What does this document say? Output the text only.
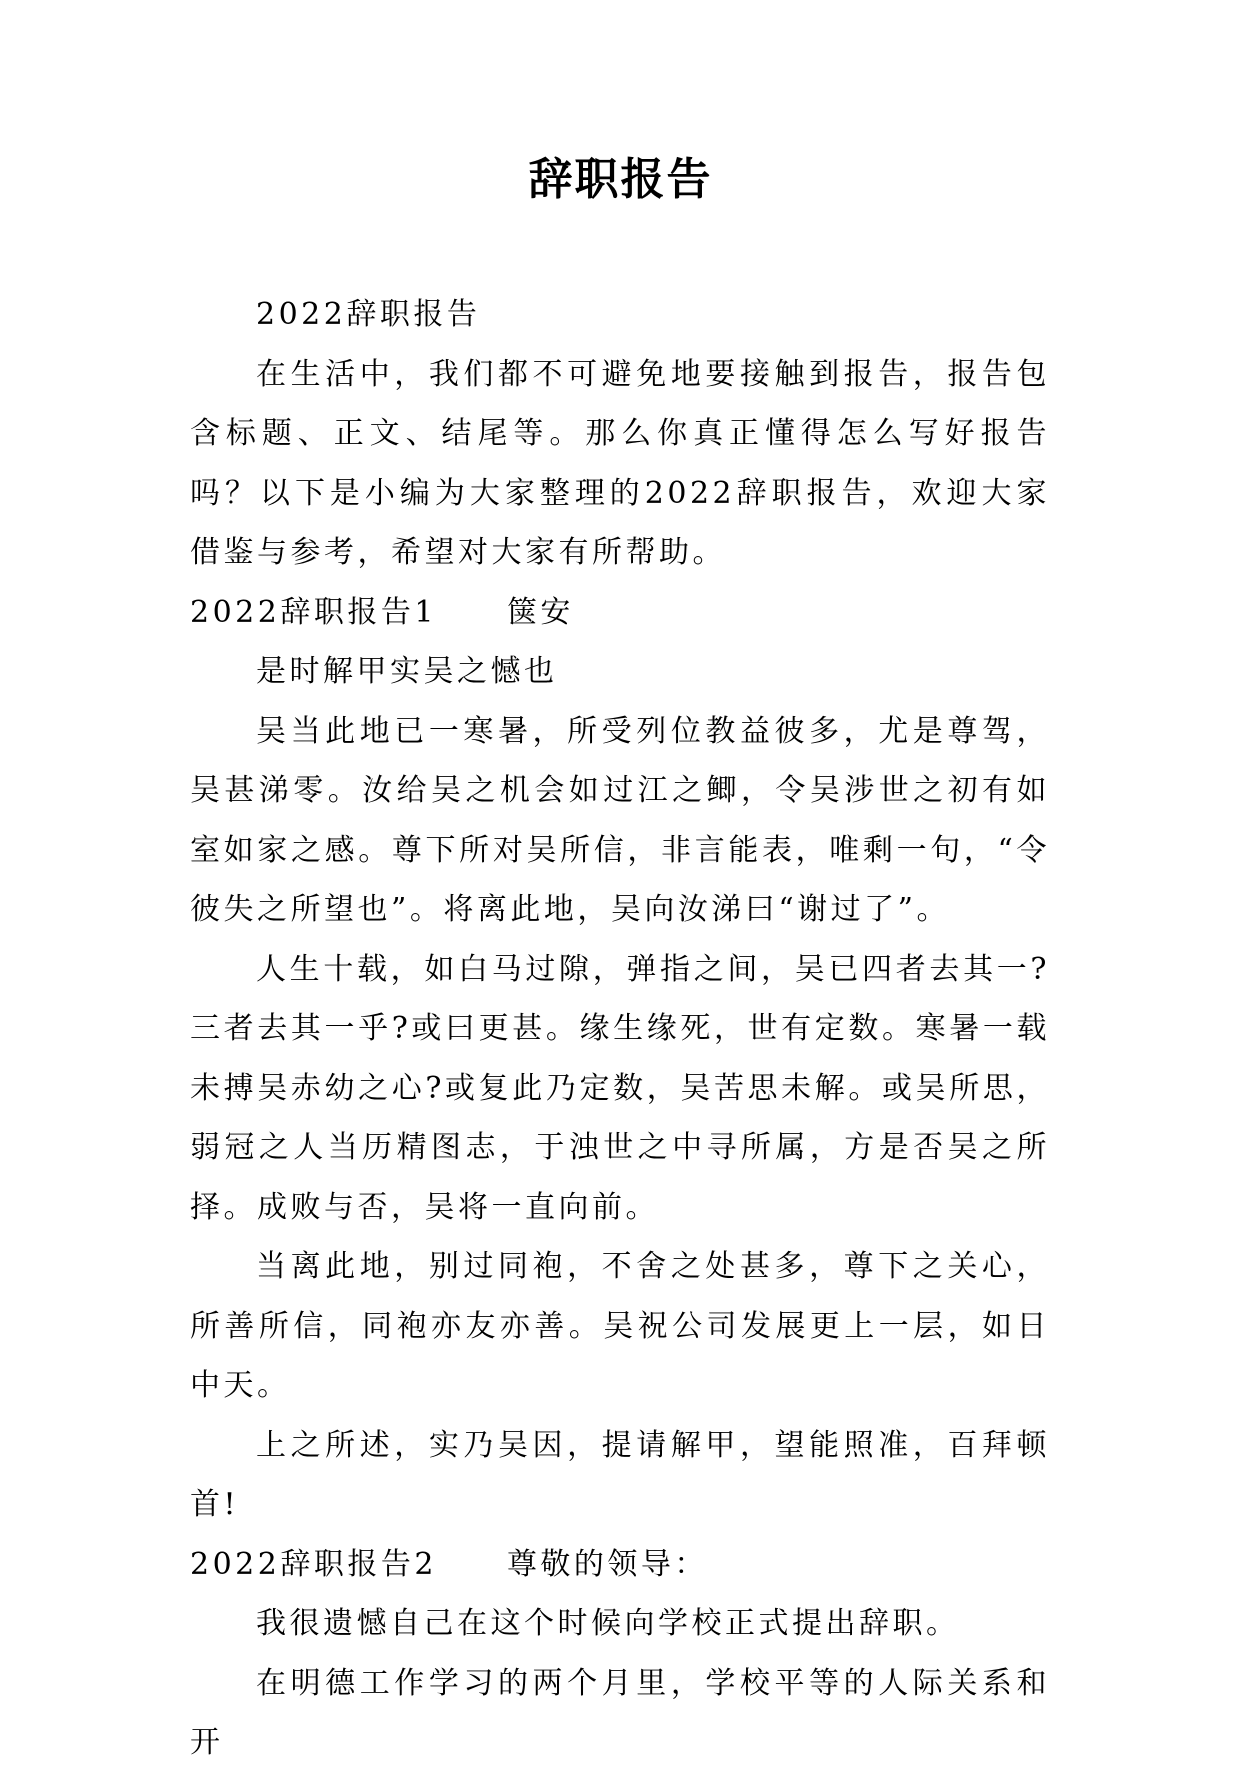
辞职报告

2022辞职报告

在生活中，我们都不可避免地要接触到报告，报告包含标题、正文、结尾等。那么你真正懂得怎么写好报告吗？以下是小编为大家整理的2022辞职报告，欢迎大家借鉴与参考，希望对大家有所帮助。

2022辞职报告1 箧安

是时解甲实吴之憾也

吴当此地已一寒暑，所受列位教益彼多，尤是尊驾，吴甚涕零。汝给吴之机会如过江之鲫，令吴涉世之初有如室如家之感。尊下所对吴所信，非言能表，唯剩一句，“令彼失之所望也”。将离此地，吴向汝涕曰“谢过了”。

人生十载，如白马过隙，弹指之间，吴已四者去其一?三者去其一乎?或曰更甚。缘生缘死，世有定数。寒暑一载未搏吴赤幼之心?或复此乃定数，吴苦思未解。或吴所思，弱冠之人当历精图志，于浊世之中寻所属，方是否吴之所择。成败与否，吴将一直向前。

当离此地，别过同袍，不舍之处甚多，尊下之关心，所善所信，同袍亦友亦善。吴祝公司发展更上一层，如日中天。

上之所述，实乃吴因，提请解甲，望能照准，百拜顿首!

2022辞职报告2 尊敬的领导：

我很遗憾自己在这个时候向学校正式提出辞职。

在明德工作学习的两个月里，学校平等的人际关系和开
